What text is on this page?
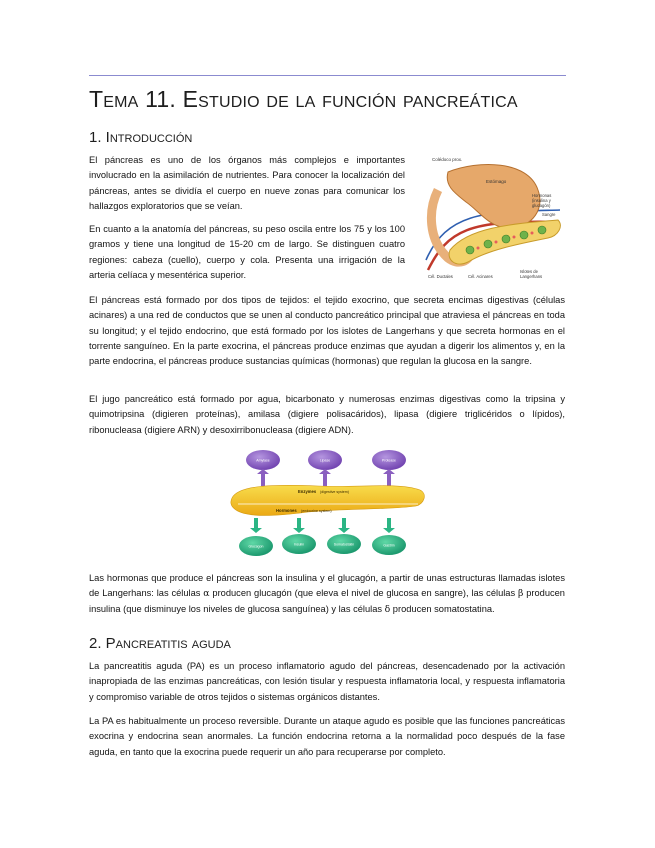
Tema 11. Estudio de la función pancreática
1. Introducción

El páncreas es uno de los órganos más complejos e importantes involucrado en la asimilación de nutrientes. Para conocer la localización del páncreas, antes se dividía el cuerpo en nueve zonas para comunicar los hallazgos exploratorios que se veían.

En cuanto a la anatomía del páncreas, su peso oscila entre los 75 y los 100 gramos y tiene una longitud de 15-20 cm de largo. Se distinguen cuatro regiones: cabeza (cuello), cuerpo y cola. Presenta una irrigación de la arteria celíaca y mesentérica superior.

Colédoco prox.
Estómago
Hormonas
(insulina y
glucagón)
Sangre
Cél. Ductales	Cél. Acinares
Islotes de
Langerhans

El páncreas está formado por dos tipos de tejidos: el tejido exocrino, que secreta encimas digestivas (células acinares) a una red de conductos que se unen al conducto pancreático principal que atraviesa el páncreas en toda su longitud; y el tejido endocrino, que está formado por los islotes de Langerhans y que secreta hormonas en el torrente sanguíneo. En la parte exocrina, el páncreas produce enzimas que ayudan a digerir los alimentos y, en la parte endocrina, el páncreas produce sustancias químicas (hormonas) que regulan la glucosa en la sangre.

El jugo pancreático está formado por agua, bicarbonato y numerosas enzimas digestivas como la tripsina y quimotripsina (digieren proteínas), amilasa (digiere polisacáridos), lipasa (digiere triglicéridos o lípidos), ribonucleasa (digiere ARN) y desoxirribonucleasa (digiere ADN).

Amylase	Lipase	Protease
Enzymes (digestive system)
Hormones (endocrine system)
Glucagon	Insulin	Somatostatin	Gastrin

Las hormonas que produce el páncreas son la insulina y el glucagón, a partir de unas estructuras llamadas islotes de Langerhans: las células α producen glucagón (que eleva el nivel de glucosa en sangre), las células β producen insulina (que disminuye los niveles de glucosa sanguínea) y las células δ producen somatostatina.

2. Pancreatitis aguda

La pancreatitis aguda (PA) es un proceso inflamatorio agudo del páncreas, desencadenado por la activación inapropiada de las enzimas pancreáticas, con lesión tisular y respuesta inflamatoria local, y respuesta inflamatoria y compromiso variable de otros tejidos o sistemas orgánicos distantes.

La PA es habitualmente un proceso reversible. Durante un ataque agudo es posible que las funciones pancreáticas exocrina y endocrina sean anormales. La función endocrina retorna a la normalidad poco después de la fase aguda, en tanto que la exocrina puede requerir un año para recuperarse por completo.
